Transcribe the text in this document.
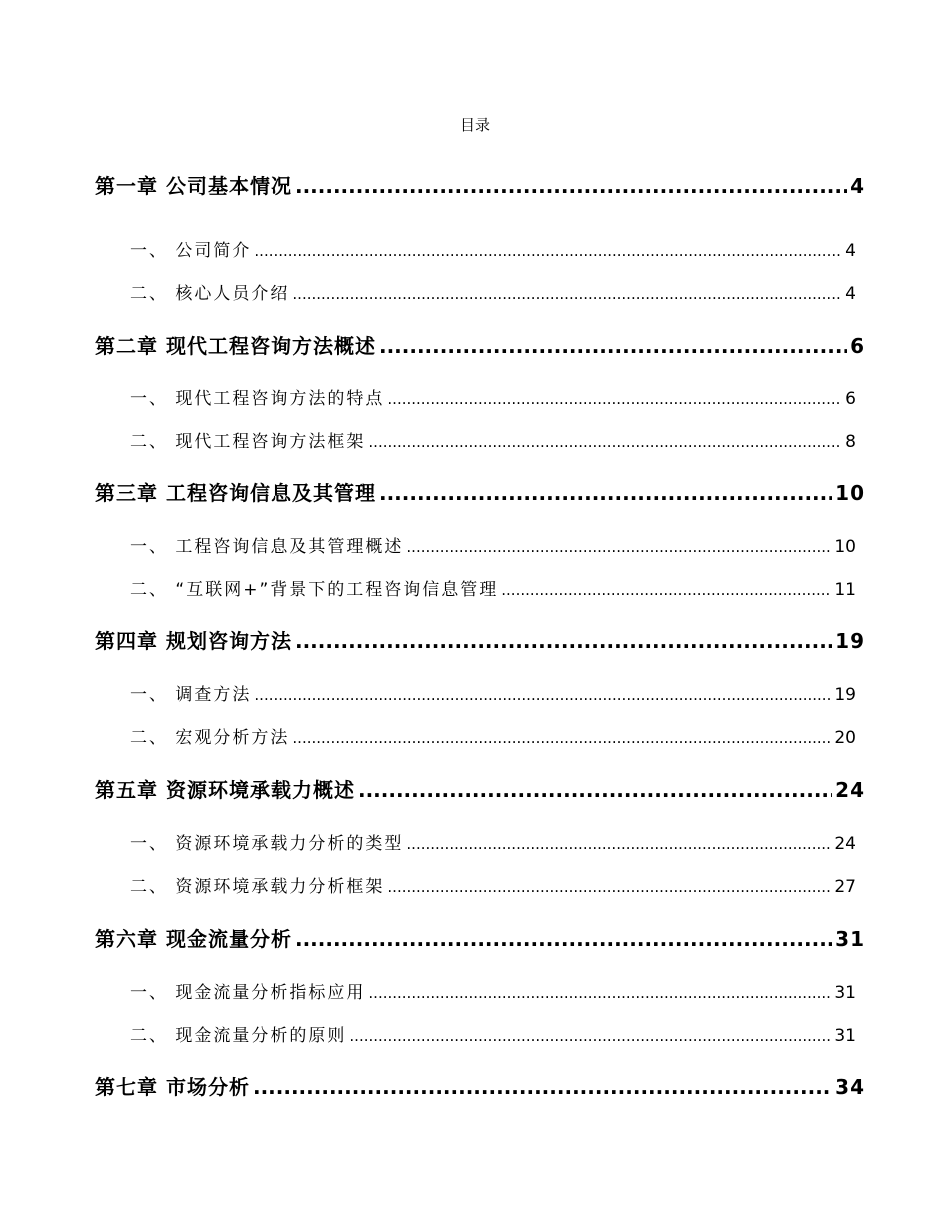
目录
第一章 公司基本情况 .....	4
一、 公司简介 .....	4
二、 核心人员介绍 .....	4
第二章 现代工程咨询方法概述 .....	6
一、 现代工程咨询方法的特点 .....	6
二、 现代工程咨询方法框架 .....	8
第三章 工程咨询信息及其管理 .....	10
一、 工程咨询信息及其管理概述 .....	10
二、 “互联网+”背景下的工程咨询信息管理 .....	11
第四章 规划咨询方法 .....	19
一、 调查方法 .....	19
二、 宏观分析方法 .....	20
第五章 资源环境承载力概述 .....	24
一、 资源环境承载力分析的类型 .....	24
二、 资源环境承载力分析框架 .....	27
第六章 现金流量分析 .....	31
一、 现金流量分析指标应用 .....	31
二、 现金流量分析的原则 .....	31
第七章 市场分析 .....	34
